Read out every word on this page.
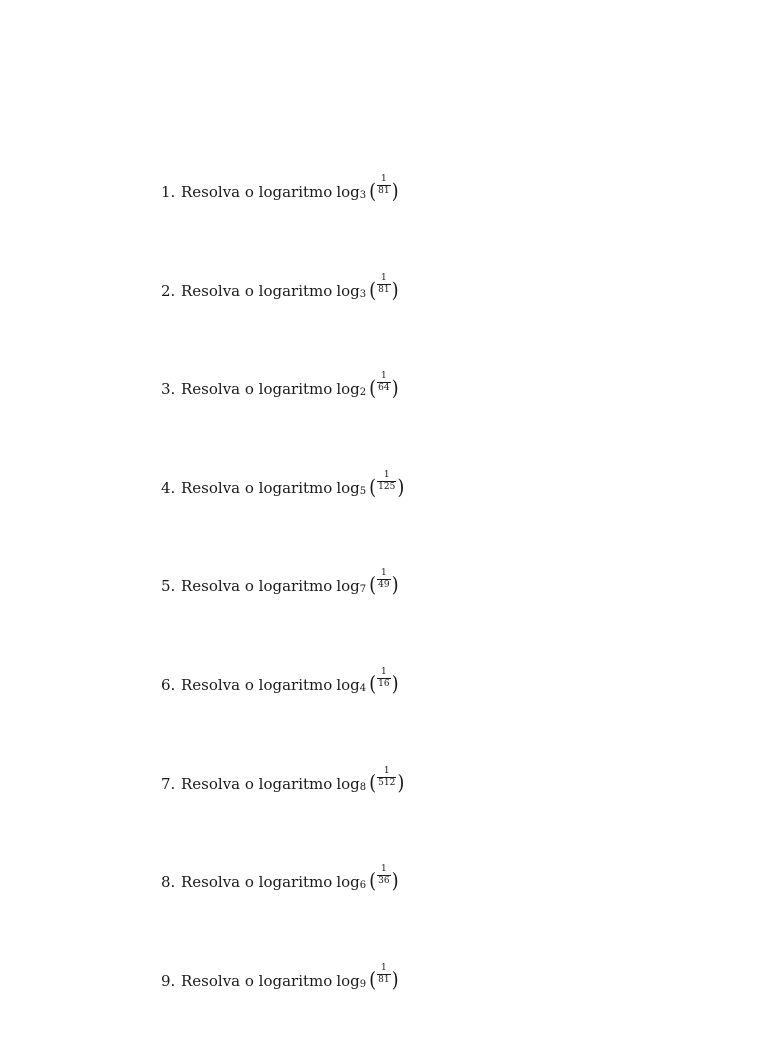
1. Resolva o logaritmo log 3 ( $\frac{1}{81}$ )
2. Resolva o logaritmo log 3 ( $\frac{1}{81}$ )
3. Resolva o logaritmo log 2 ( $\frac{1}{64}$ )
4. Resolva o logaritmo log 5 ( $\frac{1}{125}$ )
5. Resolva o logaritmo log 7 ( $\frac{1}{49}$ )
6. Resolva o logaritmo log 4 ( $\frac{1}{16}$ )
7. Resolva o logaritmo log 8 ( $\frac{1}{512}$ )
8. Resolva o logaritmo log 6 ( $\frac{1}{36}$ )
9. Resolva o logaritmo log 9 ( $\frac{1}{81}$ )
